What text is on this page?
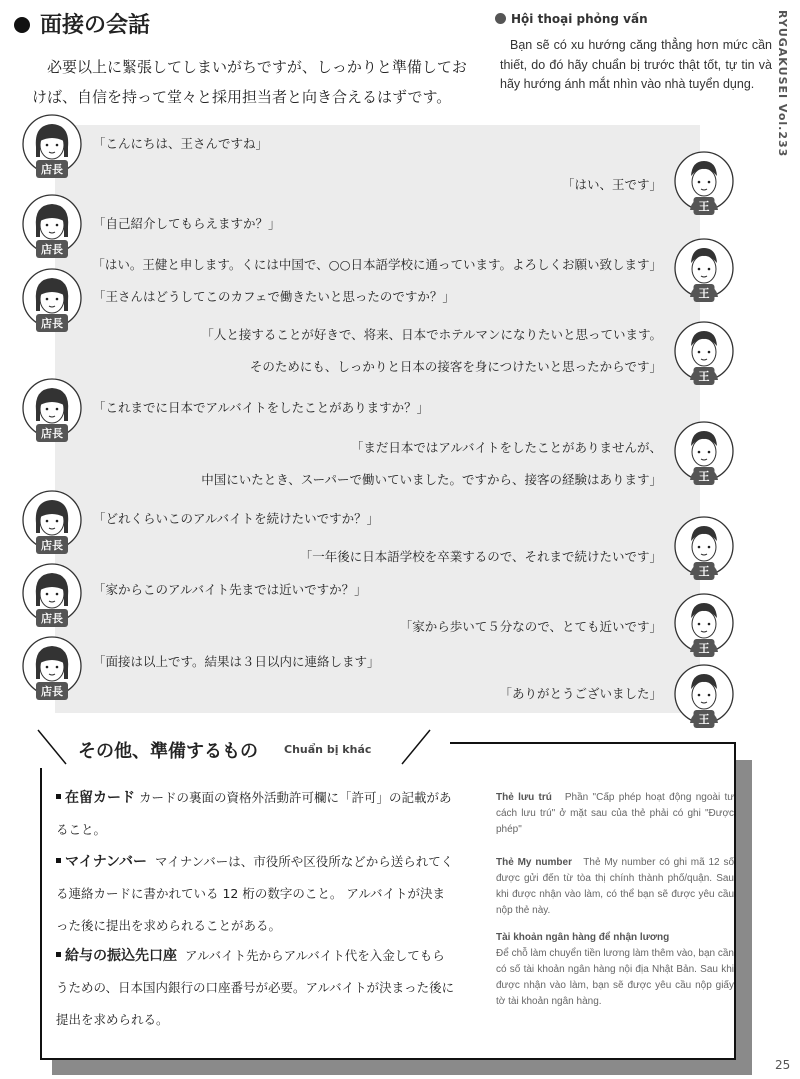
面接の会話
必要以上に緊張してしまいがちですが、しっかりと準備しておけば、自信を持って堂々と採用担当者と向き合えるはずです。
Hội thoại phỏng vấn
Bạn sẽ có xu hướng căng thẳng hơn mức cần thiết, do đó hãy chuẩn bị trước thật tốt, tự tin và hãy hướng ánh mắt nhìn vào nhà tuyển dụng.	RYUGAKUSEI Vol.233
「こんにちは、王さんですね」
「はい、王です」
「自己紹介してもらえますか？」
「はい。王健と申します。くには中国で、○○日本語学校に通っています。よろしくお願い致します」
「王さんはどうしてこのカフェで働きたいと思ったのですか？」
「人と接することが好きで、将来、日本でホテルマンになりたいと思っています。
そのためにも、しっかりと日本の接客を身につけたいと思ったからです」
「これまでに日本でアルバイトをしたことがありますか？」
「まだ日本ではアルバイトをしたことがありませんが、
中国にいたとき、スーパーで働いていました。ですから、接客の経験はあります」
「どれくらいこのアルバイトを続けたいですか？」
「一年後に日本語学校を卒業するので、それまで続けたいです」
「家からこのアルバイト先までは近いですか？」
「家から歩いて５分なので、とても近いです」
「面接は以上です。結果は３日以内に連絡します」
「ありがとうございました」
店長
王
店長
王
店長
王
店長
王
店長
王
店長
王
店長
王
その他、準備するもの Chuẩn bị khác
在留カード カードの裏面の資格外活動許可欄に「許可」の記載があること。
マイナンバー マイナンバーは、市役所や区役所などから送られてくる連絡カードに書かれている 12 桁の数字のこと。 アルバイトが決まった後に提出を求められることがある。
給与の振込先口座 アルバイト先からアルバイト代を入金してもらうための、日本国内銀行の口座番号が必要。アルバイトが決まった後に提出を求められる。
Thẻ lưu trú Phần "Cấp phép hoạt động ngoài tư cách lưu trú" ở mặt sau của thẻ phải có ghi "Được phép"
Thẻ My number Thẻ My number có ghi mã 12 số được gửi đến từ tòa thị chính thành phố/quận. Sau khi được nhận vào làm, có thể bạn sẽ được yêu cầu nộp thẻ này.
Tài khoản ngân hàng để nhận lương
Để chỗ làm chuyển tiền lương làm thêm vào, bạn cần có số tài khoản ngân hàng nội địa Nhật Bản. Sau khi được nhận vào làm, bạn sẽ được yêu cầu nộp giấy tờ tài khoản ngân hàng.
25
